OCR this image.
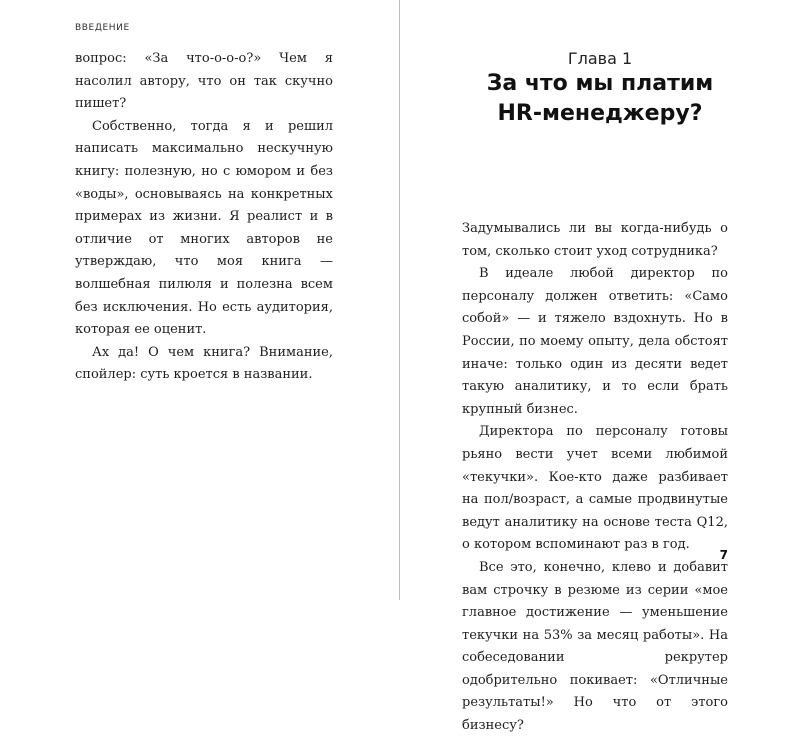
ВВЕДЕНИЕ

вопрос: «За что-о-о-о?» Чем я насолил автору, что он так скучно пишет?

Собственно, тогда я и решил написать максимально нескучную книгу: полезную, но с юмором и без «воды», основываясь на конкретных примерах из жизни. Я реалист и в отличие от многих авторов не утверждаю, что моя книга — волшебная пилюля и полезна всем без исключения. Но есть аудитория, которая ее оценит.

Ах да! О чем книга? Внимание, спойлер: суть кроется в названии.

Глава 1
За что мы платим
HR-менеджеру?

Задумывались ли вы когда-нибудь о том, сколько стоит уход сотрудника?

В идеале любой директор по персоналу должен ответить: «Само собой» — и тяжело вздохнуть. Но в России, по моему опыту, дела обстоят иначе: только один из десяти ведет такую аналитику, и то если брать крупный бизнес.

Директора по персоналу готовы рьяно вести учет всеми любимой «текучки». Кое-кто даже разбивает на пол/возраст, а самые продвинутые ведут аналитику на основе теста Q12, о котором вспоминают раз в год.

Все это, конечно, клево и добавит вам строчку в резюме из серии «мое главное достижение — уменьшение текучки на 53% за месяц работы». На собеседовании рекрутер одобрительно покивает: «Отличные результаты!» Но что от этого бизнесу?

7
